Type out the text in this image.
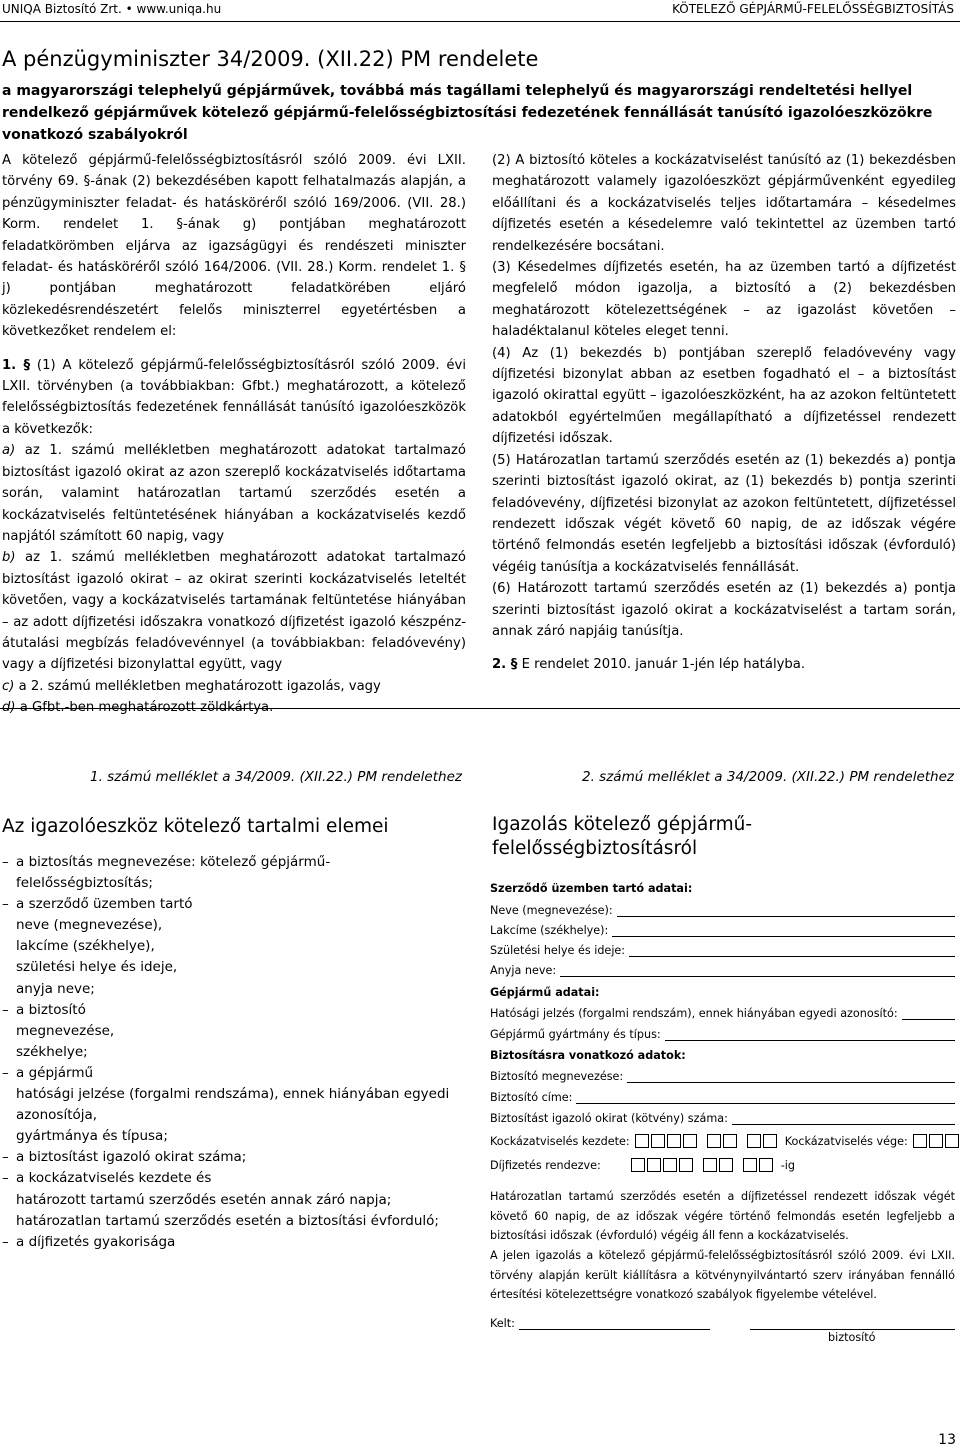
UNIQA Biztosító Zrt. • www.uniqa.hu	KÖTELEZŐ GÉPJÁRMŰ-FELELŐSSÉGBIZTOSÍTÁS
A pénzügyminiszter 34/2009. (XII.22) PM rendelete
a magyarországi telephelyű gépjárművek, továbbá más tagállami telephelyű és magyarországi rendeltetési hellyel rendelkező gépjárművek kötelező gépjármű-felelősségbiztosítási fedezetének fennállását tanúsító igazolóeszközökre vonatkozó szabályokról

A kötelező gépjármű-felelősségbiztosításról szóló 2009. évi LXII. törvény 69. §-ának (2) bekezdésében kapott felhatalmazás alapján, a pénzügyminiszter feladat- és hatásköréről szóló 169/2006. (VII. 28.) Korm. rendelet 1. §-ának g) pontjában meghatározott feladatkörömben eljárva az igazságügyi és rendészeti miniszter feladat- és hatásköréről szóló 164/2006. (VII. 28.) Korm. rendelet 1. § j) pontjában meghatározott feladatkörében eljáró közlekedésrendészetért felelős miniszterrel egyetértésben a következőket rendelem el:

1. § (1) A kötelező gépjármű-felelősségbiztosításról szóló 2009. évi LXII. törvényben (a továbbiakban: Gfbt.) meghatározott, a kötelező felelősségbiztosítás fedezetének fennállását tanúsító igazolóeszközök a következők:

a) az 1. számú mellékletben meghatározott adatokat tartalmazó biztosítást igazoló okirat az azon szereplő kockázatviselés időtartama során, valamint határozatlan tartamú szerződés esetén a kockázatviselés feltüntetésének hiányában a kockázatviselés kezdő napjától számított 60 napig, vagy

b) az 1. számú mellékletben meghatározott adatokat tartalmazó biztosítást igazoló okirat – az okirat szerinti kockázatviselés leteltét követően, vagy a kockázatviselés tartamának feltüntetése hiányában – az adott díjfizetési időszakra vonatkozó díjfizetést igazoló készpénz-átutalási megbízás feladóvevénnyel (a továbbiakban: feladóvevény) vagy a díjfizetési bizonylattal együtt, vagy

c) a 2. számú mellékletben meghatározott igazolás, vagy

d) a Gfbt.-ben meghatározott zöldkártya.

(2) A biztosító köteles a kockázatviselést tanúsító az (1) bekezdésben meghatározott valamely igazolóeszközt gépjárművenként egyedileg előállítani és a kockázatviselés teljes időtartamára – késedelmes díjfizetés esetén a késedelemre való tekintettel az üzemben tartó rendelkezésére bocsátani.

(3) Késedelmes díjfizetés esetén, ha az üzemben tartó a díjfizetést megfelelő módon igazolja, a biztosító a (2) bekezdésben meghatározott kötelezettségének – az igazolást követően – haladéktalanul köteles eleget tenni.

(4) Az (1) bekezdés b) pontjában szereplő feladóvevény vagy díjfizetési bizonylat abban az esetben fogadható el – a biztosítást igazoló okirattal együtt – igazolóeszközként, ha az azokon feltüntetett adatokból egyértelműen megállapítható a díjfizetéssel rendezett díjfizetési időszak.

(5) Határozatlan tartamú szerződés esetén az (1) bekezdés a) pontja szerinti biztosítást igazoló okirat, az (1) bekezdés b) pontja szerinti feladóvevény, díjfizetési bizonylat az azokon feltüntetett, díjfizetéssel rendezett időszak végét követő 60 napig, de az időszak végére történő felmondás esetén legfeljebb a biztosítási időszak (évforduló) végéig tanúsítja a kockázatviselés fennállását.

(6) Határozott tartamú szerződés esetén az (1) bekezdés a) pontja szerinti biztosítást igazoló okirat a kockázatviselést a tartam során, annak záró napjáig tanúsítja.

2. § E rendelet 2010. január 1-jén lép hatályba.

1. számú melléklet a 34/2009. (XII.22.) PM rendelethez
Az igazolóeszköz kötelező tartalmi elemei
– a biztosítás megnevezése: kötelező gépjármű-felelősségbiztosítás;
– a szerződő üzemben tartó
neve (megnevezése),
lakcíme (székhelye),
születési helye és ideje,
anyja neve;
– a biztosító
megnevezése,
székhelye;
– a gépjármű
hatósági jelzése (forgalmi rendszáma), ennek hiányában egyedi azonosítója,
gyártmánya és típusa;
– a biztosítást igazoló okirat száma;
– a kockázatviselés kezdete és
határozott tartamú szerződés esetén annak záró napja;
határozatlan tartamú szerződés esetén a biztosítási évforduló;
– a díjfizetés gyakorisága
2. számú melléklet a 34/2009. (XII.22.) PM rendelethez
Igazolás kötelező gépjármű-
felelősségbiztosításról
Szerződő üzemben tartó adatai:
Neve (megnevezése):
Lakcíme (székhelye):
Születési helye és ideje:
Anyja neve:
Gépjármű adatai:
Hatósági jelzés (forgalmi rendszám), ennek hiányában egyedi azonosító:
Gépjármű gyártmány és típus:
Biztosításra vonatkozó adatok:
Biztosító megnevezése:
Biztosító címe:
Biztosítást igazoló okirat (kötvény) száma:
Kockázatviselés kezdete:	Kockázatviselés vége:
Díjfizetés rendezve:	-ig
Határozatlan tartamú szerződés esetén a díjfizetéssel rendezett időszak végét követő 60 napig, de az időszak végére történő felmondás esetén legfeljebb a biztosítási időszak (évforduló) végéig áll fenn a kockázatviselés.
A jelen igazolás a kötelező gépjármű-felelősségbiztosításról szóló 2009. évi LXII. törvény alapján került kiállításra a kötvénynyilvántartó szerv irányában fennálló értesítési kötelezettségre vonatkozó szabályok figyelembe vételével.
Kelt:
biztosító
13
